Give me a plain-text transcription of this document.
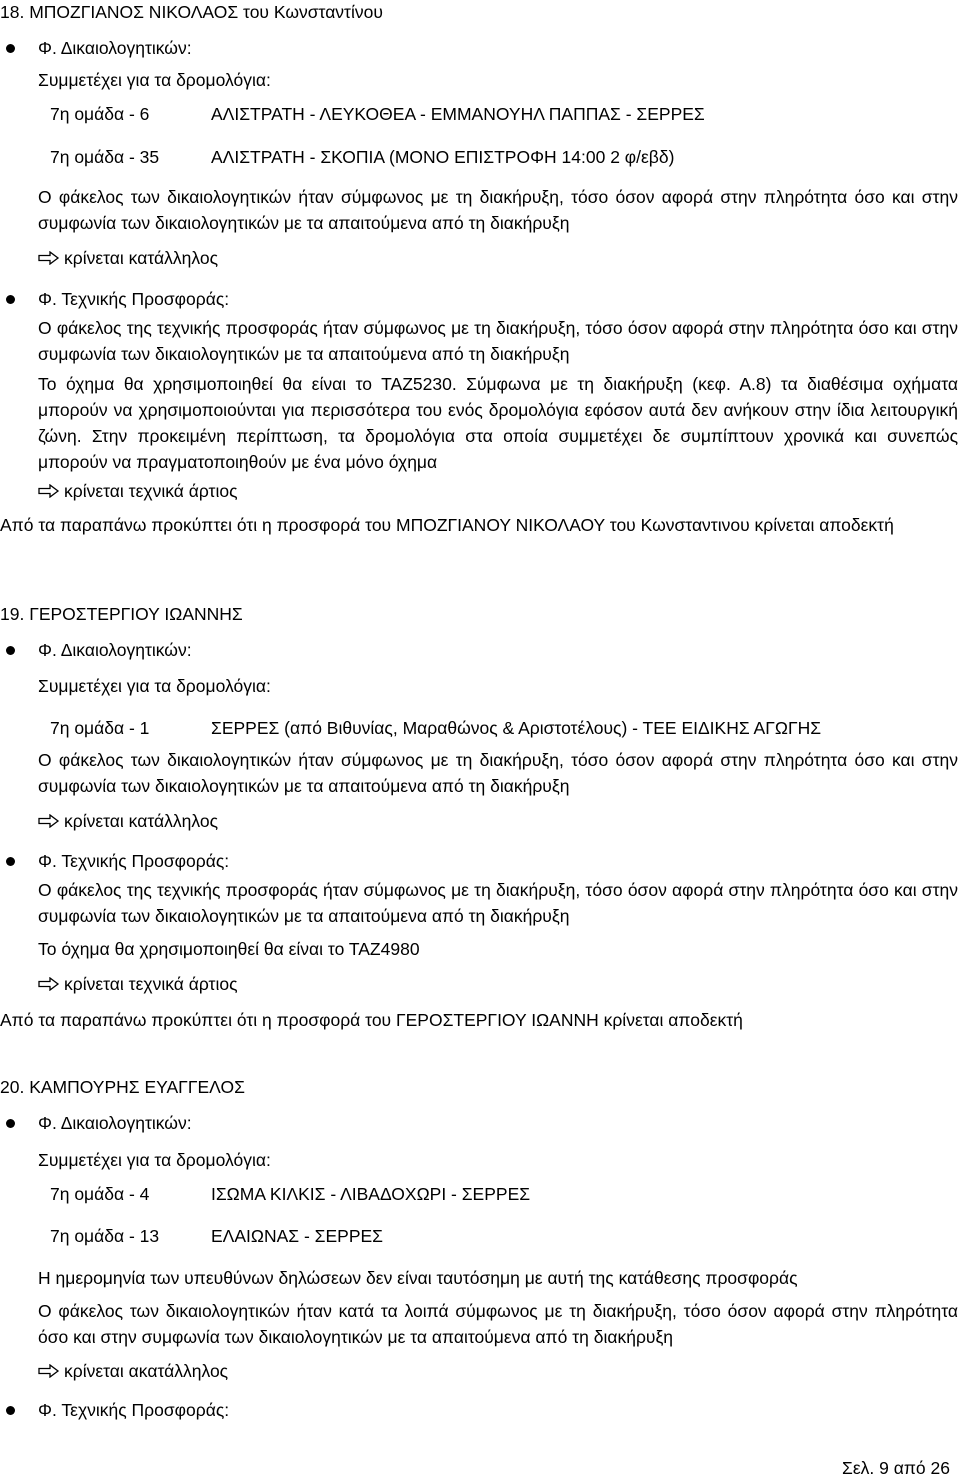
18. ΜΠΟΖΓΙΑΝΟΣ ΝΙΚΟΛΑΟΣ του Κωνσταντίνου
Φ. Δικαιολογητικών:
Συμμετέχει για τα δρομολόγια:
7η ομάδα - 6	ΑΛΙΣΤΡΑΤΗ - ΛΕΥΚΟΘΕΑ - ΕΜΜΑΝΟΥΗΛ ΠΑΠΠΑΣ - ΣΕΡΡΕΣ
7η ομάδα - 35	ΑΛΙΣΤΡΑΤΗ - ΣΚΟΠΙΑ (ΜΟΝΟ ΕΠΙΣΤΡΟΦΗ 14:00 2 φ/εβδ)
Ο φάκελος των δικαιολογητικών ήταν σύμφωνος με τη διακήρυξη, τόσο όσον αφορά στην πληρότητα όσο και στην συμφωνία των δικαιολογητικών με τα απαιτούμενα από τη διακήρυξη
κρίνεται κατάλληλος
Φ. Τεχνικής Προσφοράς:
Ο φάκελος της τεχνικής προσφοράς ήταν σύμφωνος με τη διακήρυξη, τόσο όσον αφορά στην πληρότητα όσο και στην συμφωνία των δικαιολογητικών με τα απαιτούμενα από τη διακήρυξη
Το όχημα θα χρησιμοποιηθεί θα είναι το ΤΑΖ5230. Σύμφωνα με τη διακήρυξη (κεφ. Α.8) τα διαθέσιμα οχήματα μπορούν να χρησιμοποιούνται για περισσότερα του ενός δρομολόγια εφόσον αυτά δεν ανήκουν στην ίδια λειτουργική ζώνη. Στην προκειμένη περίπτωση, τα δρομολόγια στα οποία συμμετέχει δε συμπίπτουν χρονικά και συνεπώς μπορούν να πραγματοποιηθούν με ένα μόνο όχημα
κρίνεται τεχνικά άρτιος
Από τα παραπάνω προκύπτει ότι η προσφορά του ΜΠΟΖΓΙΑΝΟΥ ΝΙΚΟΛΑΟΥ του Κωνσταντινου κρίνεται αποδεκτή
19. ΓΕΡΟΣΤΕΡΓΙΟΥ ΙΩΑΝΝΗΣ
Φ. Δικαιολογητικών:
Συμμετέχει για τα δρομολόγια:
7η ομάδα - 1	ΣΕΡΡΕΣ (από Βιθυνίας, Μαραθώνος & Αριστοτέλους) - ΤΕΕ ΕΙΔΙΚΗΣ ΑΓΩΓΗΣ
Ο φάκελος των δικαιολογητικών ήταν σύμφωνος με τη διακήρυξη, τόσο όσον αφορά στην πληρότητα όσο και στην συμφωνία των δικαιολογητικών με τα απαιτούμενα από τη διακήρυξη
κρίνεται κατάλληλος
Φ. Τεχνικής Προσφοράς:
Ο φάκελος της τεχνικής προσφοράς ήταν σύμφωνος με τη διακήρυξη, τόσο όσον αφορά στην πληρότητα όσο και στην συμφωνία των δικαιολογητικών με τα απαιτούμενα από τη διακήρυξη
Το όχημα θα χρησιμοποιηθεί θα είναι το ΤΑΖ4980
κρίνεται τεχνικά άρτιος
Από τα παραπάνω προκύπτει ότι η προσφορά του ΓΕΡΟΣΤΕΡΓΙΟΥ ΙΩΑΝΝΗ κρίνεται αποδεκτή
20. ΚΑΜΠΟΥΡΗΣ ΕΥΑΓΓΕΛΟΣ
Φ. Δικαιολογητικών:
Συμμετέχει για τα δρομολόγια:
7η ομάδα - 4	ΙΣΩΜΑ ΚΙΛΚΙΣ - ΛΙΒΑΔΟΧΩΡΙ - ΣΕΡΡΕΣ
7η ομάδα - 13	ΕΛΑΙΩΝΑΣ - ΣΕΡΡΕΣ
Η ημερομηνία των υπευθύνων δηλώσεων δεν είναι ταυτόσημη με αυτή της κατάθεσης προσφοράς
Ο φάκελος των δικαιολογητικών ήταν κατά τα λοιπά σύμφωνος με τη διακήρυξη, τόσο όσον αφορά στην πληρότητα όσο και στην συμφωνία των δικαιολογητικών με τα απαιτούμενα από τη διακήρυξη
κρίνεται ακατάλληλος
Φ. Τεχνικής Προσφοράς:
Σελ. 9 από 26
